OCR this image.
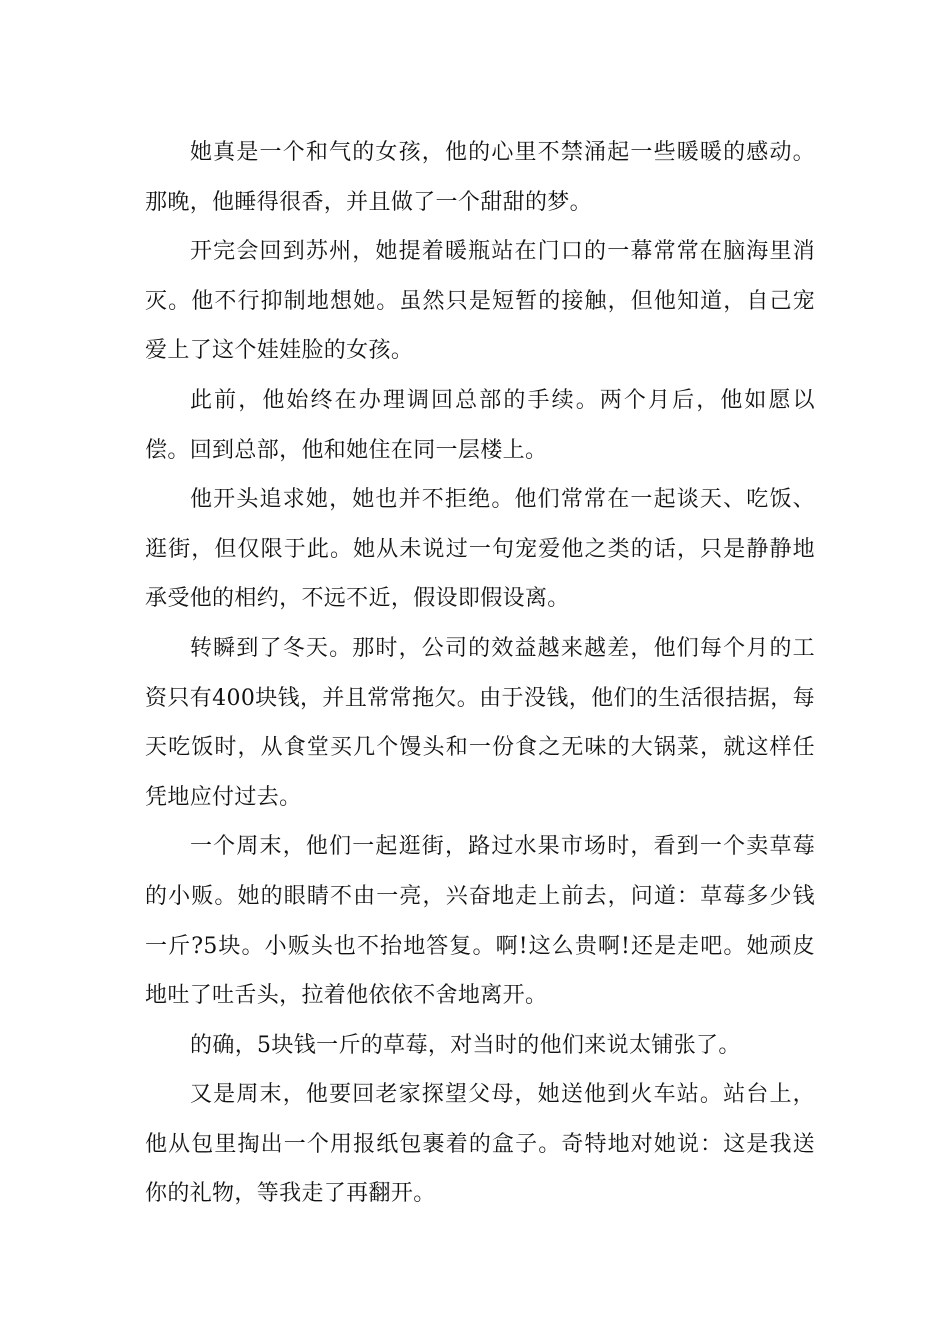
她真是一个和气的女孩，他的心里不禁涌起一些暖暖的感动。那晚，他睡得很香，并且做了一个甜甜的梦。

开完会回到苏州，她提着暖瓶站在门口的一幕常常在脑海里消灭。他不行抑制地想她。虽然只是短暂的接触，但他知道，自己宠爱上了这个娃娃脸的女孩。

此前，他始终在办理调回总部的手续。两个月后，他如愿以偿。回到总部，他和她住在同一层楼上。

他开头追求她，她也并不拒绝。他们常常在一起谈天、吃饭、逛街，但仅限于此。她从未说过一句宠爱他之类的话，只是静静地承受他的相约，不远不近，假设即假设离。

转瞬到了冬天。那时，公司的效益越来越差，他们每个月的工资只有400块钱，并且常常拖欠。由于没钱，他们的生活很拮据，每天吃饭时，从食堂买几个馒头和一份食之无味的大锅菜，就这样任凭地应付过去。

一个周末，他们一起逛街，路过水果市场时，看到一个卖草莓的小贩。她的眼睛不由一亮，兴奋地走上前去，问道：草莓多少钱一斤?5块。小贩头也不抬地答复。啊!这么贵啊!还是走吧。她顽皮地吐了吐舌头，拉着他依依不舍地离开。

的确，5块钱一斤的草莓，对当时的他们来说太铺张了。

又是周末，他要回老家探望父母，她送他到火车站。站台上，他从包里掏出一个用报纸包裹着的盒子。奇特地对她说：这是我送你的礼物，等我走了再翻开。
